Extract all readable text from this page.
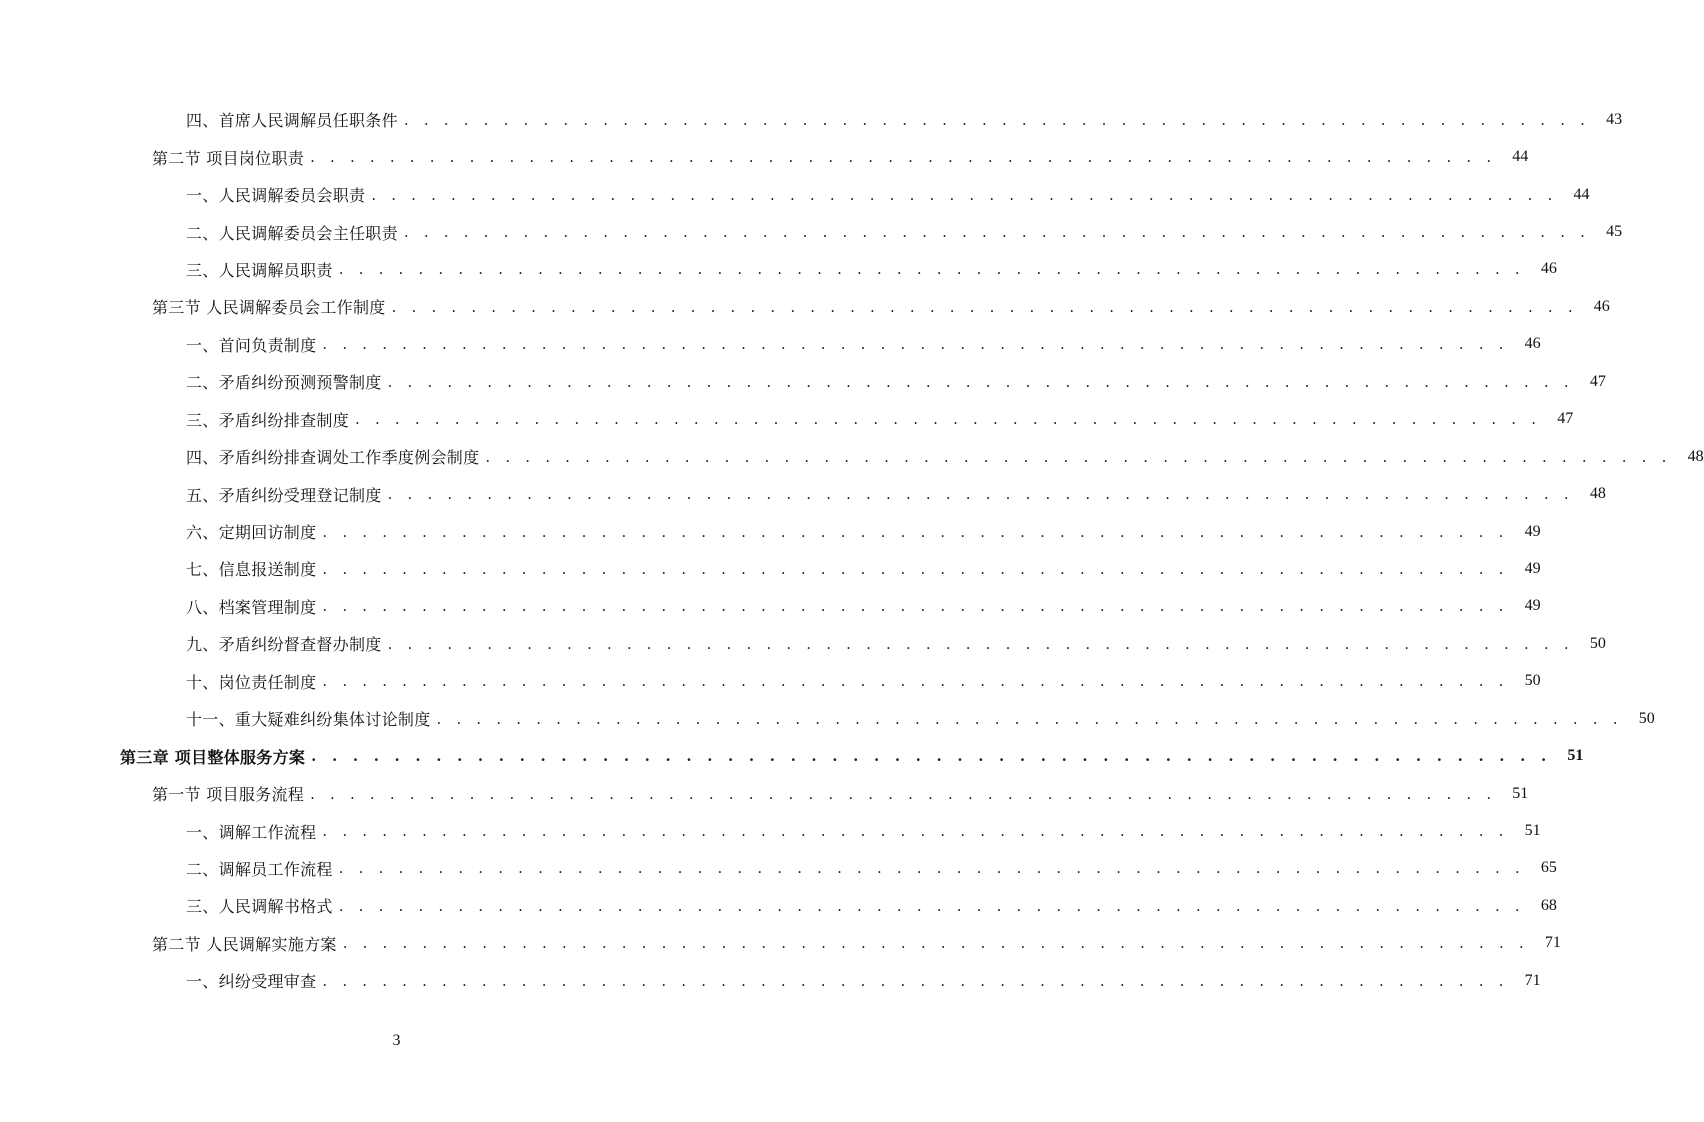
四、首席人民调解员任职条件 . . . . . . . . . . . . . . . . . . . . . . . . . . . . . . . . . . . . . . . . . . . . . . . . . . . . . . . . . . . .	43
第二节 项目岗位职责 . . . . . . . . . . . . . . . . . . . . . . . . . . . . . . . . . . . . . . . . . . . . . . . . . . . . . . . . . . . .	44
一、人民调解委员会职责 . . . . . . . . . . . . . . . . . . . . . . . . . . . . . . . . . . . . . . . . . . . . . . . . . . . . . . . . . . . .	44
二、人民调解委员会主任职责 . . . . . . . . . . . . . . . . . . . . . . . . . . . . . . . . . . . . . . . . . . . . . . . . . . . . . . . . . . . .	45
三、人民调解员职责 . . . . . . . . . . . . . . . . . . . . . . . . . . . . . . . . . . . . . . . . . . . . . . . . . . . . . . . . . . . .	46
第三节 人民调解委员会工作制度 . . . . . . . . . . . . . . . . . . . . . . . . . . . . . . . . . . . . . . . . . . . . . . . . . . . . . . . . . . . .	46
一、首问负责制度 . . . . . . . . . . . . . . . . . . . . . . . . . . . . . . . . . . . . . . . . . . . . . . . . . . . . . . . . . . . .	46
二、矛盾纠纷预测预警制度 . . . . . . . . . . . . . . . . . . . . . . . . . . . . . . . . . . . . . . . . . . . . . . . . . . . . . . . . . . . .	47
三、矛盾纠纷排查制度 . . . . . . . . . . . . . . . . . . . . . . . . . . . . . . . . . . . . . . . . . . . . . . . . . . . . . . . . . . . .	47
四、矛盾纠纷排查调处工作季度例会制度 . . . . . . . . . . . . . . . . . . . . . . . . . . . . . . . . . . . . . . . . . . . . . . . . . . . . . . . . . . . .	48
五、矛盾纠纷受理登记制度 . . . . . . . . . . . . . . . . . . . . . . . . . . . . . . . . . . . . . . . . . . . . . . . . . . . . . . . . . . . .	48
六、定期回访制度 . . . . . . . . . . . . . . . . . . . . . . . . . . . . . . . . . . . . . . . . . . . . . . . . . . . . . . . . . . . .	49
七、信息报送制度 . . . . . . . . . . . . . . . . . . . . . . . . . . . . . . . . . . . . . . . . . . . . . . . . . . . . . . . . . . . .	49
八、档案管理制度 . . . . . . . . . . . . . . . . . . . . . . . . . . . . . . . . . . . . . . . . . . . . . . . . . . . . . . . . . . . .	49
九、矛盾纠纷督查督办制度 . . . . . . . . . . . . . . . . . . . . . . . . . . . . . . . . . . . . . . . . . . . . . . . . . . . . . . . . . . . .	50
十、岗位责任制度 . . . . . . . . . . . . . . . . . . . . . . . . . . . . . . . . . . . . . . . . . . . . . . . . . . . . . . . . . . . .	50
十一、重大疑难纠纷集体讨论制度 . . . . . . . . . . . . . . . . . . . . . . . . . . . . . . . . . . . . . . . . . . . . . . . . . . . . . . . . . . . .	50
第三章 项目整体服务方案 . . . . . . . . . . . . . . . . . . . . . . . . . . . . . . . . . . . . . . . . . . . . . . . . . . . . . . . . . . . .	51
第一节 项目服务流程 . . . . . . . . . . . . . . . . . . . . . . . . . . . . . . . . . . . . . . . . . . . . . . . . . . . . . . . . . . . .	51
一、调解工作流程 . . . . . . . . . . . . . . . . . . . . . . . . . . . . . . . . . . . . . . . . . . . . . . . . . . . . . . . . . . . .	51
二、调解员工作流程 . . . . . . . . . . . . . . . . . . . . . . . . . . . . . . . . . . . . . . . . . . . . . . . . . . . . . . . . . . . .	65
三、人民调解书格式 . . . . . . . . . . . . . . . . . . . . . . . . . . . . . . . . . . . . . . . . . . . . . . . . . . . . . . . . . . . .	68
第二节 人民调解实施方案 . . . . . . . . . . . . . . . . . . . . . . . . . . . . . . . . . . . . . . . . . . . . . . . . . . . . . . . . . . . .	71
一、纠纷受理审查 . . . . . . . . . . . . . . . . . . . . . . . . . . . . . . . . . . . . . . . . . . . . . . . . . . . . . . . . . . . .	71
3
